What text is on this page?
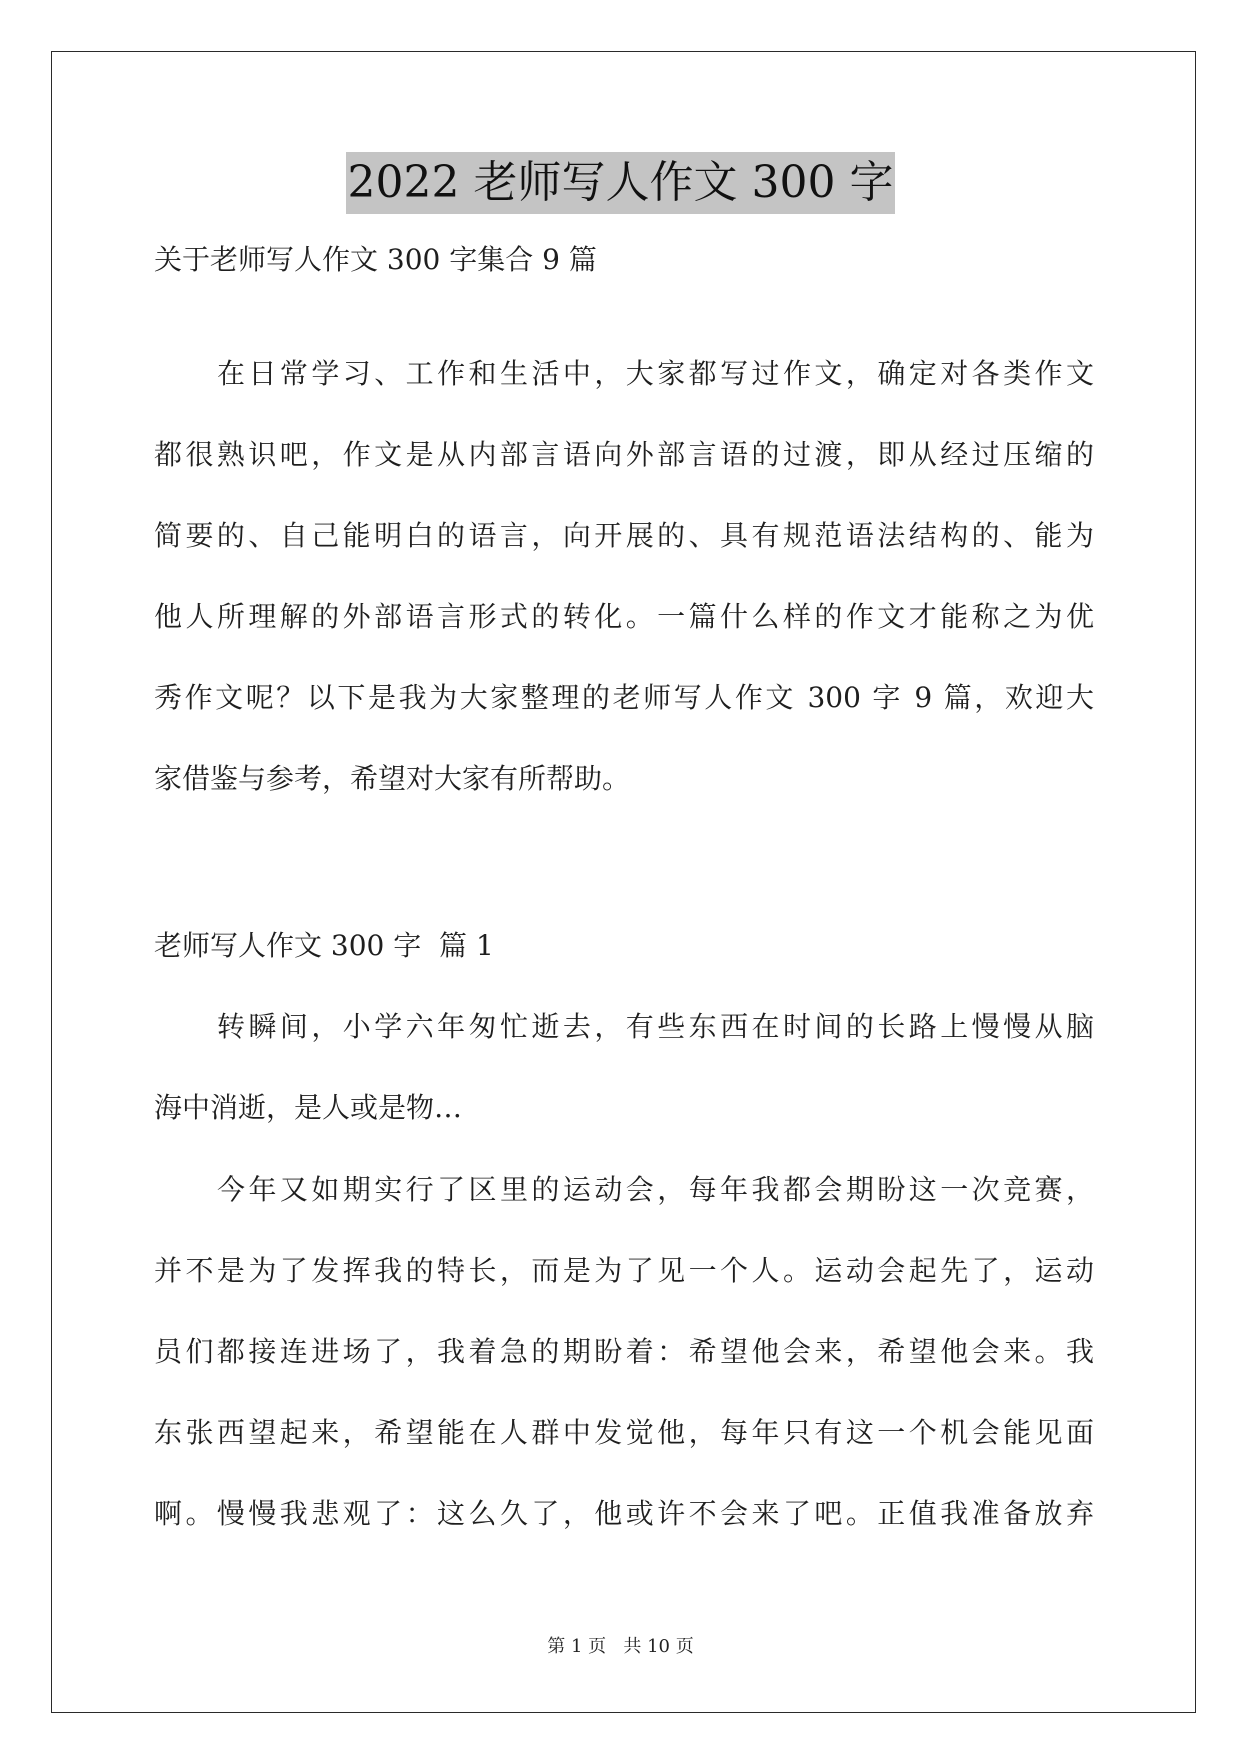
2022 老师写人作文 300 字
关于老师写人作文 300 字集合 9 篇
在日常学习、工作和生活中，大家都写过作文，确定对各类作文
都很熟识吧，作文是从内部言语向外部言语的过渡，即从经过压缩的
简要的、自己能明白的语言，向开展的、具有规范语法结构的、能为
他人所理解的外部语言形式的转化。一篇什么样的作文才能称之为优
秀作文呢？以下是我为大家整理的老师写人作文 300 字 9 篇，欢迎大
家借鉴与参考，希望对大家有所帮助。
老师写人作文 300 字  篇 1
转瞬间，小学六年匆忙逝去，有些东西在时间的长路上慢慢从脑
海中消逝，是人或是物…
今年又如期实行了区里的运动会，每年我都会期盼这一次竞赛，
并不是为了发挥我的特长，而是为了见一个人。运动会起先了，运动
员们都接连进场了，我着急的期盼着：希望他会来，希望他会来。我
东张西望起来，希望能在人群中发觉他，每年只有这一个机会能见面
啊。慢慢我悲观了：这么久了，他或许不会来了吧。正值我准备放弃
第 1 页   共 10 页
